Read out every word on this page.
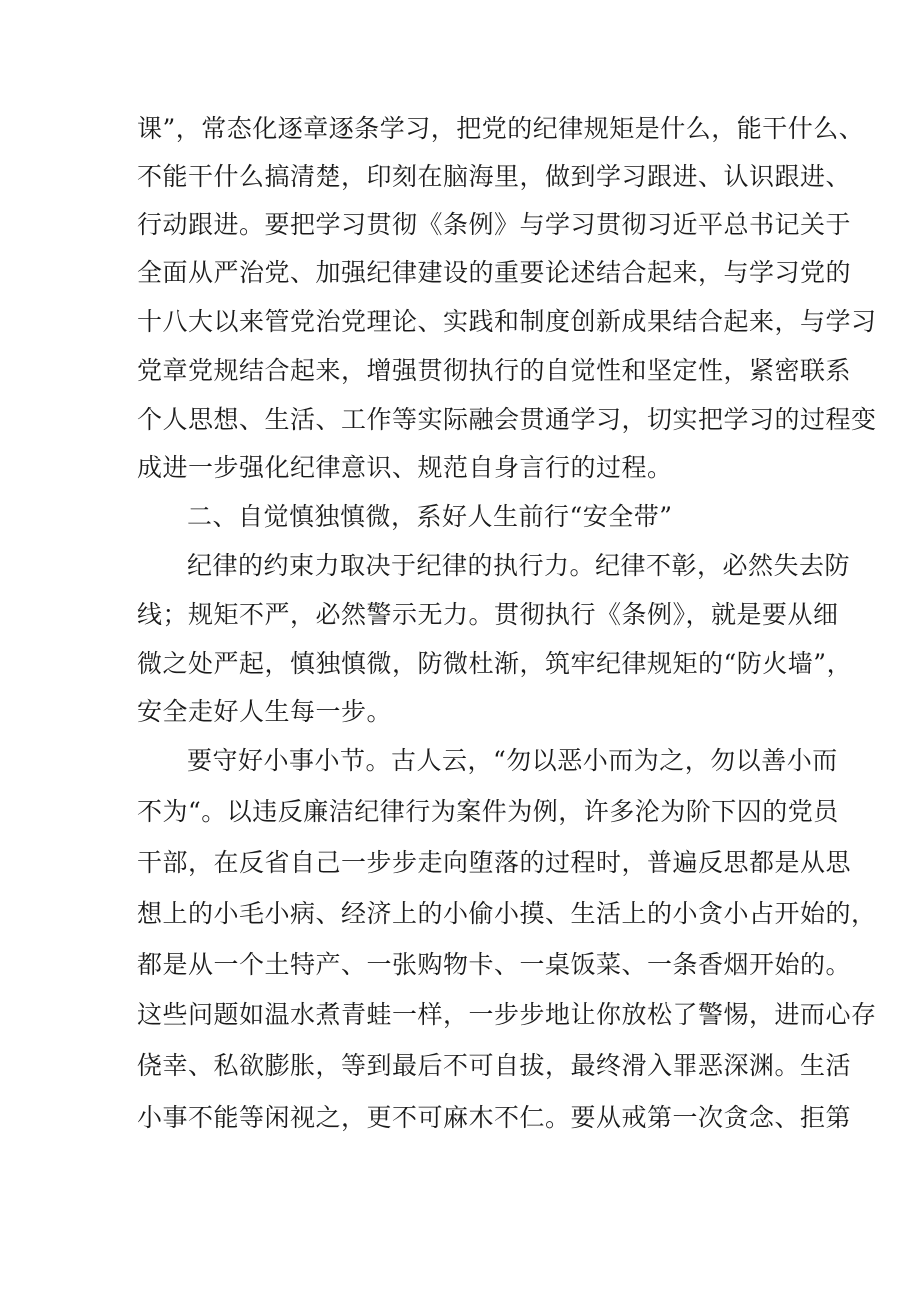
课”，常态化逐章逐条学习，把党的纪律规矩是什么，能干什么、
不能干什么搞清楚，印刻在脑海里，做到学习跟进、认识跟进、
行动跟进。要把学习贯彻《条例》与学习贯彻习近平总书记关于
全面从严治党、加强纪律建设的重要论述结合起来，与学习党的
十八大以来管党治党理论、实践和制度创新成果结合起来，与学习
党章党规结合起来，增强贯彻执行的自觉性和坚定性，紧密联系
个人思想、生活、工作等实际融会贯通学习，切实把学习的过程变
成进一步强化纪律意识、规范自身言行的过程。
二、自觉慎独慎微，系好人生前行“安全带”
纪律的约束力取决于纪律的执行力。纪律不彰，必然失去防
线；规矩不严，必然警示无力。贯彻执行《条例》，就是要从细
微之处严起，慎独慎微，防微杜渐，筑牢纪律规矩的“防火墙”，
安全走好人生每一步。
要守好小事小节。古人云，“勿以恶小而为之，勿以善小而
不为“。以违反廉洁纪律行为案件为例，许多沦为阶下囚的党员
干部，在反省自己一步步走向堕落的过程时，普遍反思都是从思
想上的小毛小病、经济上的小偷小摸、生活上的小贪小占开始的，
都是从一个土特产、一张购物卡、一桌饭菜、一条香烟开始的。
这些问题如温水煮青蛙一样，一步步地让你放松了警惕，进而心存
侥幸、私欲膨胀，等到最后不可自拔，最终滑入罪恶深渊。生活
小事不能等闲视之，更不可麻木不仁。要从戒第一次贪念、拒第
